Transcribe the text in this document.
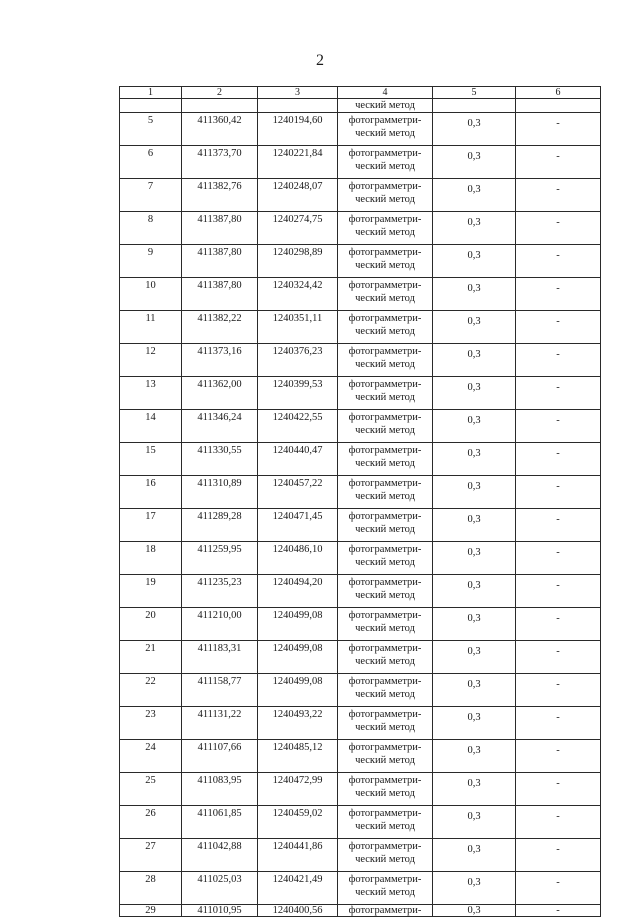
2
1	2	3	4	5	6
			ческий метод		
5	411360,42	1240194,60	фотограмметри-
ческий метод	0,3	-
6	411373,70	1240221,84	фотограмметри-
ческий метод	0,3	-
7	411382,76	1240248,07	фотограмметри-
ческий метод	0,3	-
8	411387,80	1240274,75	фотограмметри-
ческий метод	0,3	-
9	411387,80	1240298,89	фотограмметри-
ческий метод	0,3	-
10	411387,80	1240324,42	фотограмметри-
ческий метод	0,3	-
11	411382,22	1240351,11	фотограмметри-
ческий метод	0,3	-
12	411373,16	1240376,23	фотограмметри-
ческий метод	0,3	-
13	411362,00	1240399,53	фотограмметри-
ческий метод	0,3	-
14	411346,24	1240422,55	фотограмметри-
ческий метод	0,3	-
15	411330,55	1240440,47	фотограмметри-
ческий метод	0,3	-
16	411310,89	1240457,22	фотограмметри-
ческий метод	0,3	-
17	411289,28	1240471,45	фотограмметри-
ческий метод	0,3	-
18	411259,95	1240486,10	фотограмметри-
ческий метод	0,3	-
19	411235,23	1240494,20	фотограмметри-
ческий метод	0,3	-
20	411210,00	1240499,08	фотограмметри-
ческий метод	0,3	-
21	411183,31	1240499,08	фотограмметри-
ческий метод	0,3	-
22	411158,77	1240499,08	фотограмметри-
ческий метод	0,3	-
23	411131,22	1240493,22	фотограмметри-
ческий метод	0,3	-
24	411107,66	1240485,12	фотограмметри-
ческий метод	0,3	-
25	411083,95	1240472,99	фотограмметри-
ческий метод	0,3	-
26	411061,85	1240459,02	фотограмметри-
ческий метод	0,3	-
27	411042,88	1240441,86	фотограмметри-
ческий метод	0,3	-
28	411025,03	1240421,49	фотограмметри-
ческий метод	0,3	-
29	411010,95	1240400,56	фотограмметри-	0,3	-
